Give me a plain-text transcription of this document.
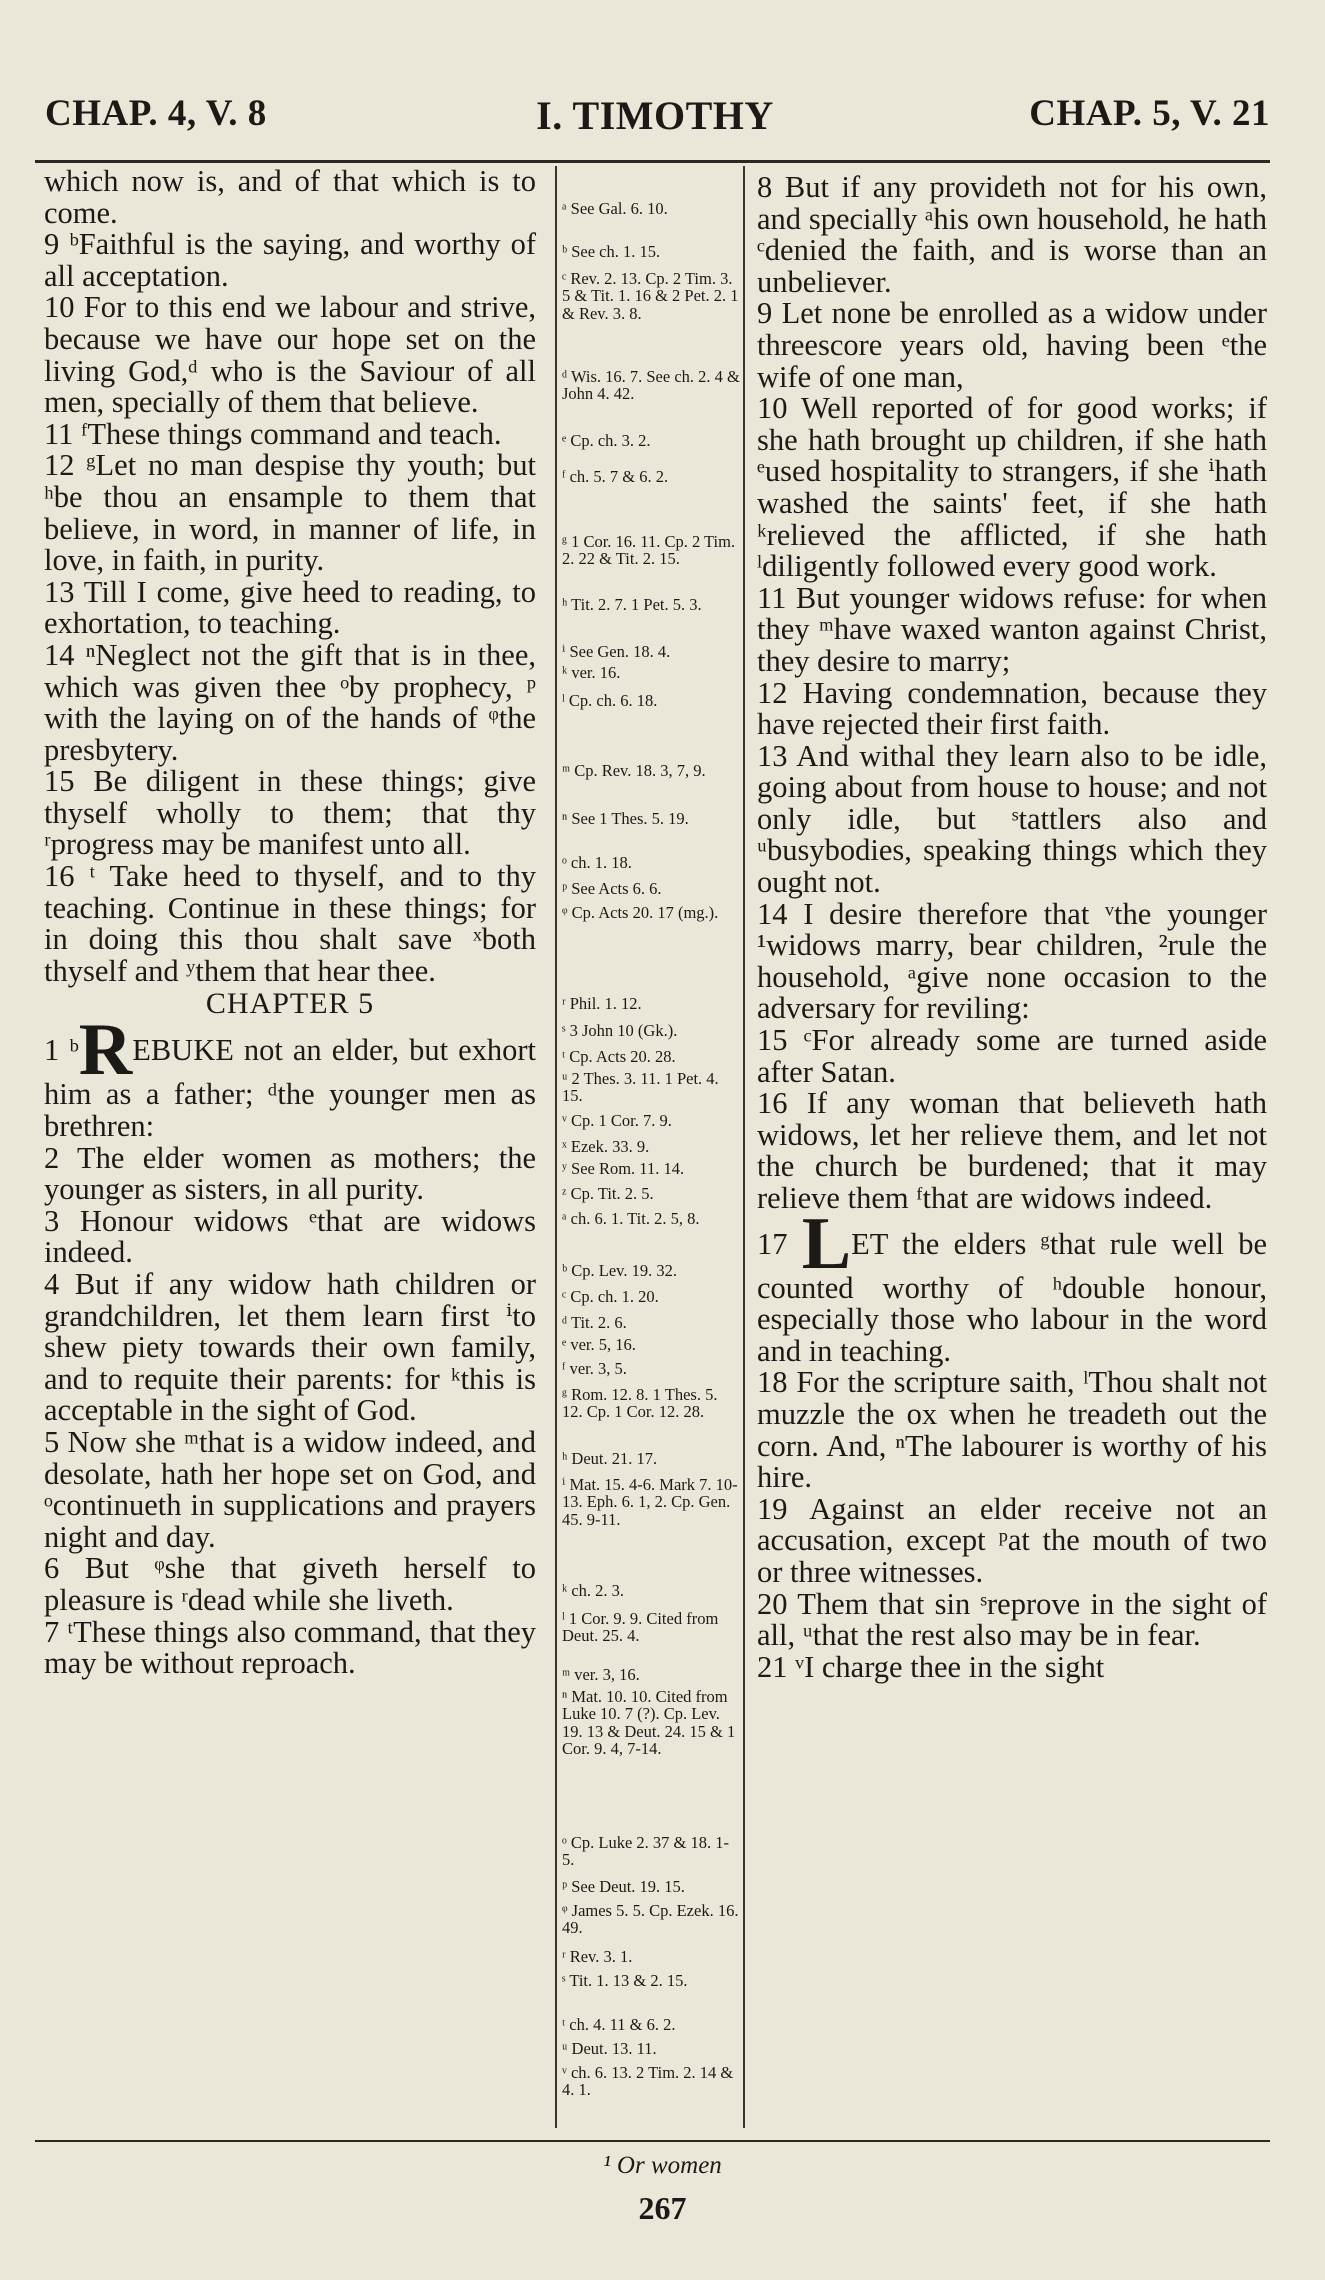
CHAP. 4, V. 8	I. TIMOTHY	CHAP. 5, V. 21

which now is, and of that which is to come.

9 ᵇFaithful is the saying, and worthy of all acceptation.

10 For to this end we labour and strive, because we have our hope set on the living God,ᵈ who is the Saviour of all men, specially of them that believe.

11 ᶠThese things command and teach.

12 ᵍLet no man despise thy youth; but ʰbe thou an ensample to them that believe, in word, in manner of life, in love, in faith, in purity.

13 Till I come, give heed to reading, to exhortation, to teaching.

14 ⁿNeglect not the gift that is in thee, which was given thee ᵒby prophecy, ᵖ with the laying on of the hands of ᵠthe presbytery.

15 Be diligent in these things; give thyself wholly to them; that thy ʳprogress may be manifest unto all.

16 ᵗ Take heed to thyself, and to thy teaching. Continue in these things; for in doing this thou shalt save ˣboth thyself and ʸthem that hear thee.

CHAPTER 5

1 ᵇREBUKE not an elder, but exhort him as a father; ᵈthe younger men as brethren:

2 The elder women as mothers; the younger as sisters, in all purity.

3 Honour widows ᵉthat are widows indeed.

4 But if any widow hath children or grandchildren, let them learn first ⁱto shew piety towards their own family, and to requite their parents: for ᵏthis is acceptable in the sight of God.

5 Now she ᵐthat is a widow indeed, and desolate, hath her hope set on God, and ᵒcontinueth in supplications and prayers night and day.

6 But ᵠshe that giveth herself to pleasure is ʳdead while she liveth.

7 ᵗThese things also command, that they may be without reproach.

ᵃ See Gal. 6. 10.
ᵇ See ch. 1. 15.
ᶜ Rev. 2. 13. Cp. 2 Tim. 3. 5 & Tit. 1. 16 & 2 Pet. 2. 1 & Rev. 3. 8.
ᵈ Wis. 16. 7. See ch. 2. 4 & John 4. 42.
ᵉ Cp. ch. 3. 2.
ᶠ ch. 5. 7 & 6. 2.
ᵍ 1 Cor. 16. 11. Cp. 2 Tim. 2. 22 & Tit. 2. 15.
ʰ Tit. 2. 7. 1 Pet. 5. 3.
ⁱ See Gen. 18. 4.
ᵏ ver. 16.
ˡ Cp. ch. 6. 18.
ᵐ Cp. Rev. 18. 3, 7, 9.
ⁿ See 1 Thes. 5. 19.
ᵒ ch. 1. 18.
ᵖ See Acts 6. 6.
ᵠ Cp. Acts 20. 17 (mg.).
ʳ Phil. 1. 12.
ˢ 3 John 10 (Gk.).
ᵗ Cp. Acts 20. 28.
ᵘ 2 Thes. 3. 11. 1 Pet. 4. 15.
ᵛ Cp. 1 Cor. 7. 9.
ˣ Ezek. 33. 9.
ʸ See Rom. 11. 14.
ᶻ Cp. Tit. 2. 5.
ᵃ ch. 6. 1. Tit. 2. 5, 8.
ᵇ Cp. Lev. 19. 32.
ᶜ Cp. ch. 1. 20.
ᵈ Tit. 2. 6.
ᵉ ver. 5, 16.
ᶠ ver. 3, 5.
ᵍ Rom. 12. 8. 1 Thes. 5. 12. Cp. 1 Cor. 12. 28.
ʰ Deut. 21. 17.
ⁱ Mat. 15. 4-6. Mark 7. 10-13. Eph. 6. 1, 2. Cp. Gen. 45. 9-11.
ᵏ ch. 2. 3.
ˡ 1 Cor. 9. 9. Cited from Deut. 25. 4.
ᵐ ver. 3, 16.
ⁿ Mat. 10. 10. Cited from Luke 10. 7 (?). Cp. Lev. 19. 13 & Deut. 24. 15 & 1 Cor. 9. 4, 7-14.
ᵒ Cp. Luke 2. 37 & 18. 1-5.
ᵖ See Deut. 19. 15.
ᵠ James 5. 5. Cp. Ezek. 16. 49.
ʳ Rev. 3. 1.
ˢ Tit. 1. 13 & 2. 15.
ᵗ ch. 4. 11 & 6. 2.
ᵘ Deut. 13. 11.
ᵛ ch. 6. 13. 2 Tim. 2. 14 & 4. 1.

8 But if any provideth not for his own, and specially ᵃhis own household, he hath ᶜdenied the faith, and is worse than an unbeliever.

9 Let none be enrolled as a widow under threescore years old, having been ᵉthe wife of one man,

10 Well reported of for good works; if she hath brought up children, if she hath ᵉused hospitality to strangers, if she ⁱhath washed the saints' feet, if she hath ᵏrelieved the afflicted, if she hath ˡdiligently followed every good work.

11 But younger widows refuse: for when they ᵐhave waxed wanton against Christ, they desire to marry;

12 Having condemnation, because they have rejected their first faith.

13 And withal they learn also to be idle, going about from house to house; and not only idle, but ˢtattlers also and ᵘbusybodies, speaking things which they ought not.

14 I desire therefore that ᵛthe younger ¹widows marry, bear children, ²rule the household, ᵃgive none occasion to the adversary for reviling:

15 ᶜFor already some are turned aside after Satan.

16 If any woman that believeth hath widows, let her relieve them, and let not the church be burdened; that it may relieve them ᶠthat are widows indeed.

17 LET the elders ᵍthat rule well be counted worthy of ʰdouble honour, especially those who labour in the word and in teaching.

18 For the scripture saith, ˡThou shalt not muzzle the ox when he treadeth out the corn. And, ⁿThe labourer is worthy of his hire.

19 Against an elder receive not an accusation, except ᵖat the mouth of two or three witnesses.

20 Them that sin ˢreprove in the sight of all, ᵘthat the rest also may be in fear.

21 ᵛI charge thee in the sight

¹ Or women
267
